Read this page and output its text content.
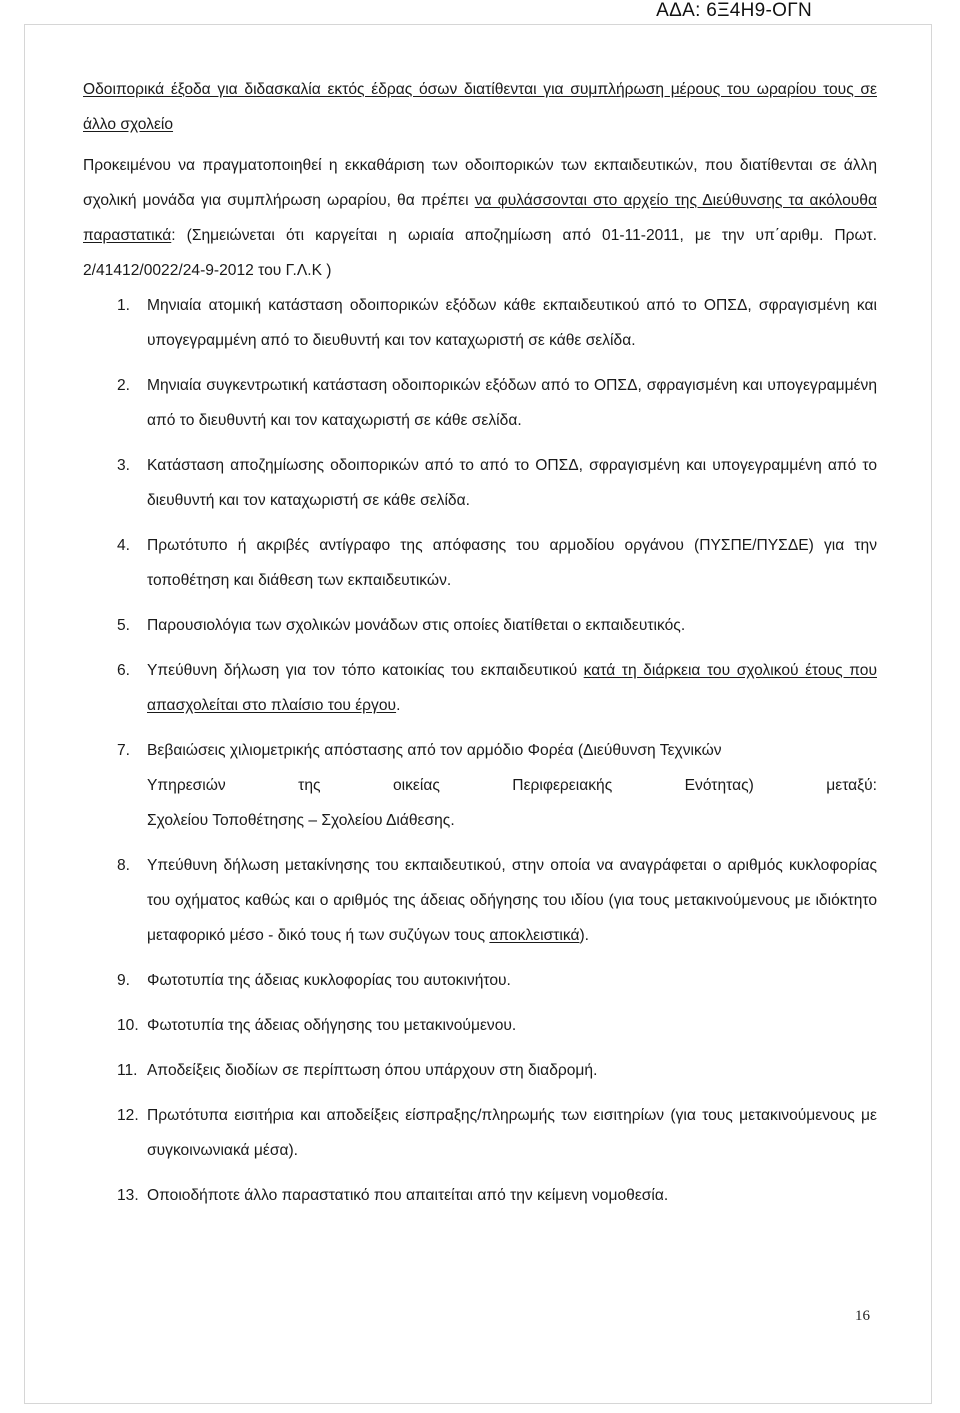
ΑΔΑ: 6Ξ4Η9-ΟΓΝ

Οδοιπορικά έξοδα για διδασκαλία εκτός έδρας όσων διατίθενται για συμπλήρωση μέρους του ωραρίου τους σε άλλο σχολείο

Προκειμένου να πραγματοποιηθεί η εκκαθάριση των οδοιπορικών των εκπαιδευτικών, που διατίθενται σε άλλη σχολική μονάδα για συμπλήρωση ωραρίου, θα πρέπει να φυλάσσονται στο αρχείο της Διεύθυνσης τα ακόλουθα παραστατικά: (Σημειώνεται ότι καργείται η ωριαία αποζημίωση από 01-11-2011, με την υπ΄αριθμ. Πρωτ. 2/41412/0022/24-9-2012 του Γ.Λ.Κ )

1. Μηνιαία ατομική κατάσταση οδοιπορικών εξόδων κάθε εκπαιδευτικού από το ΟΠΣΔ, σφραγισμένη και υπογεγραμμένη από το διευθυντή και τον καταχωριστή σε κάθε σελίδα.
2. Μηνιαία συγκεντρωτική κατάσταση οδοιπορικών εξόδων από το ΟΠΣΔ, σφραγισμένη και υπογεγραμμένη από το διευθυντή και τον καταχωριστή σε κάθε σελίδα.
3. Κατάσταση αποζημίωσης οδοιπορικών από το από το ΟΠΣΔ, σφραγισμένη και υπογεγραμμένη από το διευθυντή και τον καταχωριστή σε κάθε σελίδα.
4. Πρωτότυπο ή ακριβές αντίγραφο της απόφασης του αρμοδίου οργάνου (ΠΥΣΠΕ/ΠΥΣΔΕ) για την τοποθέτηση και διάθεση των εκπαιδευτικών.
5. Παρουσιολόγια των σχολικών μονάδων στις οποίες διατίθεται ο εκπαιδευτικός.
6. Υπεύθυνη δήλωση για τον τόπο κατοικίας του εκπαιδευτικού κατά τη διάρκεια του σχολικού έτους που απασχολείται στο πλαίσιο του έργου.
7. Βεβαιώσεις χιλιομετρικής απόστασης από τον αρμόδιο Φορέα (Διεύθυνση Τεχνικών
Υπηρεσιών της οικείας Περιφερειακής Ενότητας) μεταξύ:
Σχολείου Τοποθέτησης – Σχολείου Διάθεσης.
8. Υπεύθυνη δήλωση μετακίνησης του εκπαιδευτικού, στην οποία να αναγράφεται ο αριθμός κυκλοφορίας του οχήματος καθώς και ο αριθμός της άδειας οδήγησης του ιδίου (για τους μετακινούμενους με ιδιόκτητο μεταφορικό μέσο - δικό τους ή των συζύγων τους αποκλειστικά).
9. Φωτοτυπία της άδειας κυκλοφορίας του αυτοκινήτου.
10. Φωτοτυπία της άδειας οδήγησης του μετακινούμενου.
11. Αποδείξεις διοδίων σε περίπτωση όπου υπάρχουν στη διαδρομή.
12. Πρωτότυπα εισιτήρια και αποδείξεις είσπραξης/πληρωμής των εισιτηρίων (για τους μετακινούμενους με συγκοινωνιακά μέσα).
13. Οποιοδήποτε άλλο παραστατικό που απαιτείται από την κείμενη νομοθεσία.
16
